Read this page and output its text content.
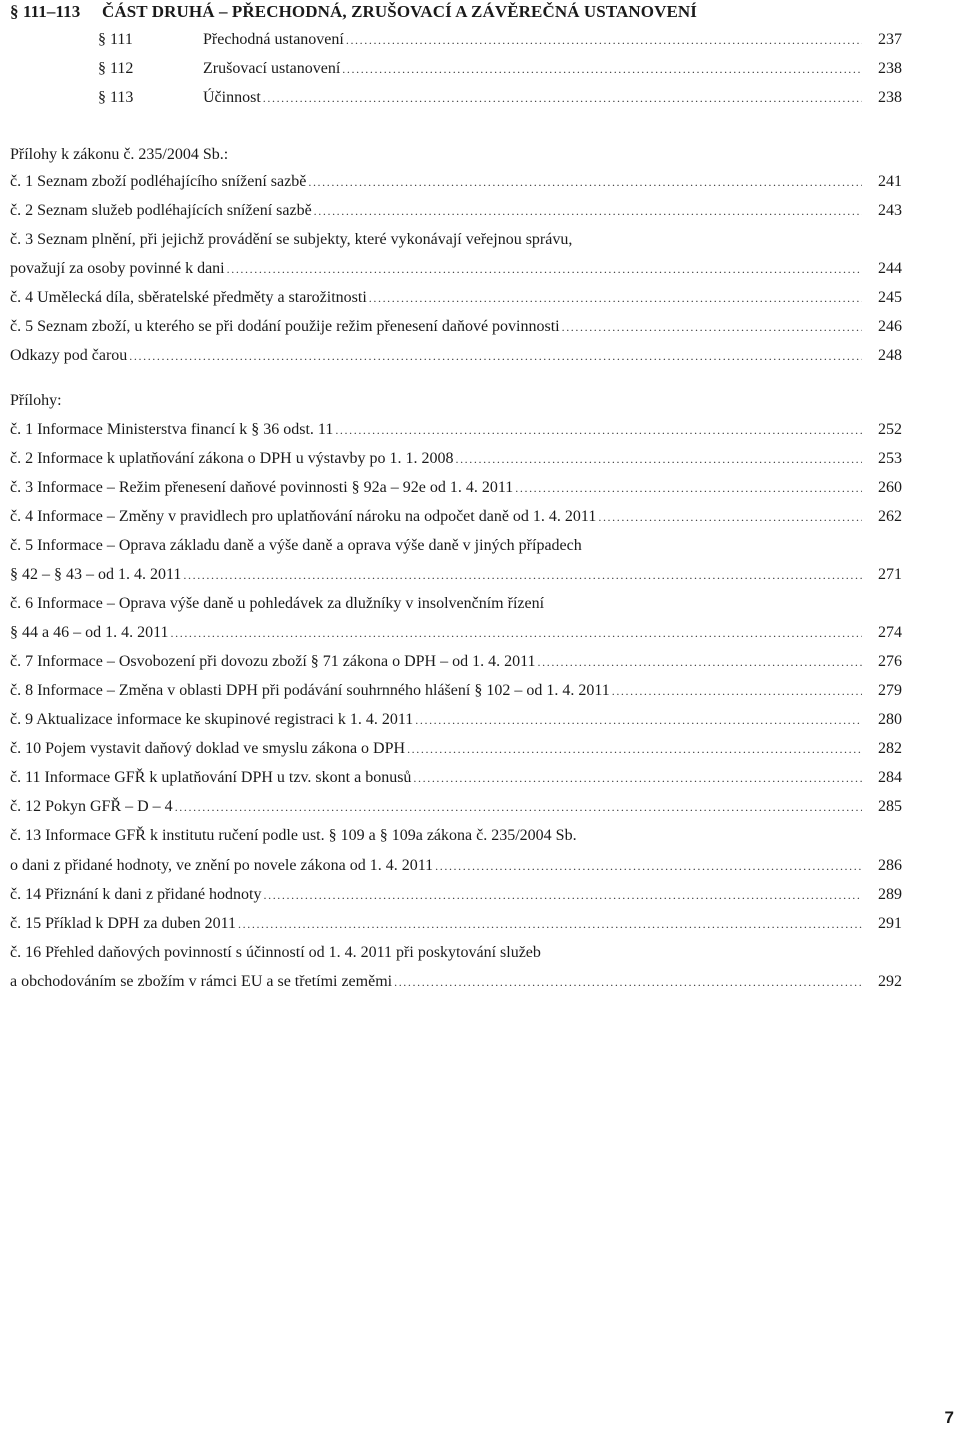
§ 111–113 ČÁST DRUHÁ – PŘECHODNÁ, ZRUŠOVACÍ A ZÁVĚREČNÁ USTANOVENÍ
§ 111	Přechodná ustanovení .....	237
§ 112	Zrušovací ustanovení .....	238
§ 113	Účinnost .....	238
Přílohy k zákonu č. 235/2004 Sb.:
č. 1 Seznam zboží podléhajícího snížení sazbě .....	241
č. 2 Seznam služeb podléhajících snížení sazbě .....	243
č. 3 Seznam plnění, při jejichž provádění se subjekty, které vykonávají veřejnou správu,
považují za osoby povinné k dani .....	244
č. 4 Umělecká díla, sběratelské předměty a starožitnosti .....	245
č. 5 Seznam zboží, u kterého se při dodání použije režim přenesení daňové povinnosti .....	246
Odkazy pod čarou .....	248
Přílohy:
č. 1 Informace Ministerstva financí k § 36 odst. 11 .....	252
č. 2 Informace k uplatňování zákona o DPH u výstavby po 1. 1. 2008 .....	253
č. 3 Informace – Režim přenesení daňové povinnosti § 92a – 92e od 1. 4. 2011 .....	260
č. 4 Informace – Změny v pravidlech pro uplatňování nároku na odpočet daně od 1. 4. 2011 .....	262
č. 5 Informace – Oprava základu daně a výše daně a oprava výše daně v jiných případech
§ 42 – § 43 – od 1. 4. 2011 .....	271
č. 6 Informace – Oprava výše daně u pohledávek za dlužníky v insolvenčním řízení
§ 44 a 46 – od 1. 4. 2011 .....	274
č. 7 Informace – Osvobození při dovozu zboží § 71 zákona o DPH – od 1. 4. 2011 .....	276
č. 8 Informace – Změna v oblasti DPH při podávání souhrnného hlášení § 102 – od 1. 4. 2011 .....	279
č. 9 Aktualizace informace ke skupinové registraci k 1. 4. 2011 .....	280
č. 10 Pojem vystavit daňový doklad ve smyslu zákona o DPH .....	282
č. 11 Informace GFŘ k uplatňování DPH u tzv. skont a bonusů .....	284
č. 12 Pokyn GFŘ – D – 4 .....	285
č. 13 Informace GFŘ k institutu ručení podle ust. § 109 a § 109a zákona č. 235/2004 Sb.
o dani z přidané hodnoty, ve znění po novele zákona od 1. 4. 2011 .....	286
č. 14 Přiznání k dani z přidané hodnoty .....	289
č. 15 Příklad k DPH za duben 2011 .....	291
č. 16 Přehled daňových povinností s účinností od 1. 4. 2011 při poskytování služeb
a obchodováním se zbožím v rámci EU a se třetími zeměmi .....	292
7
